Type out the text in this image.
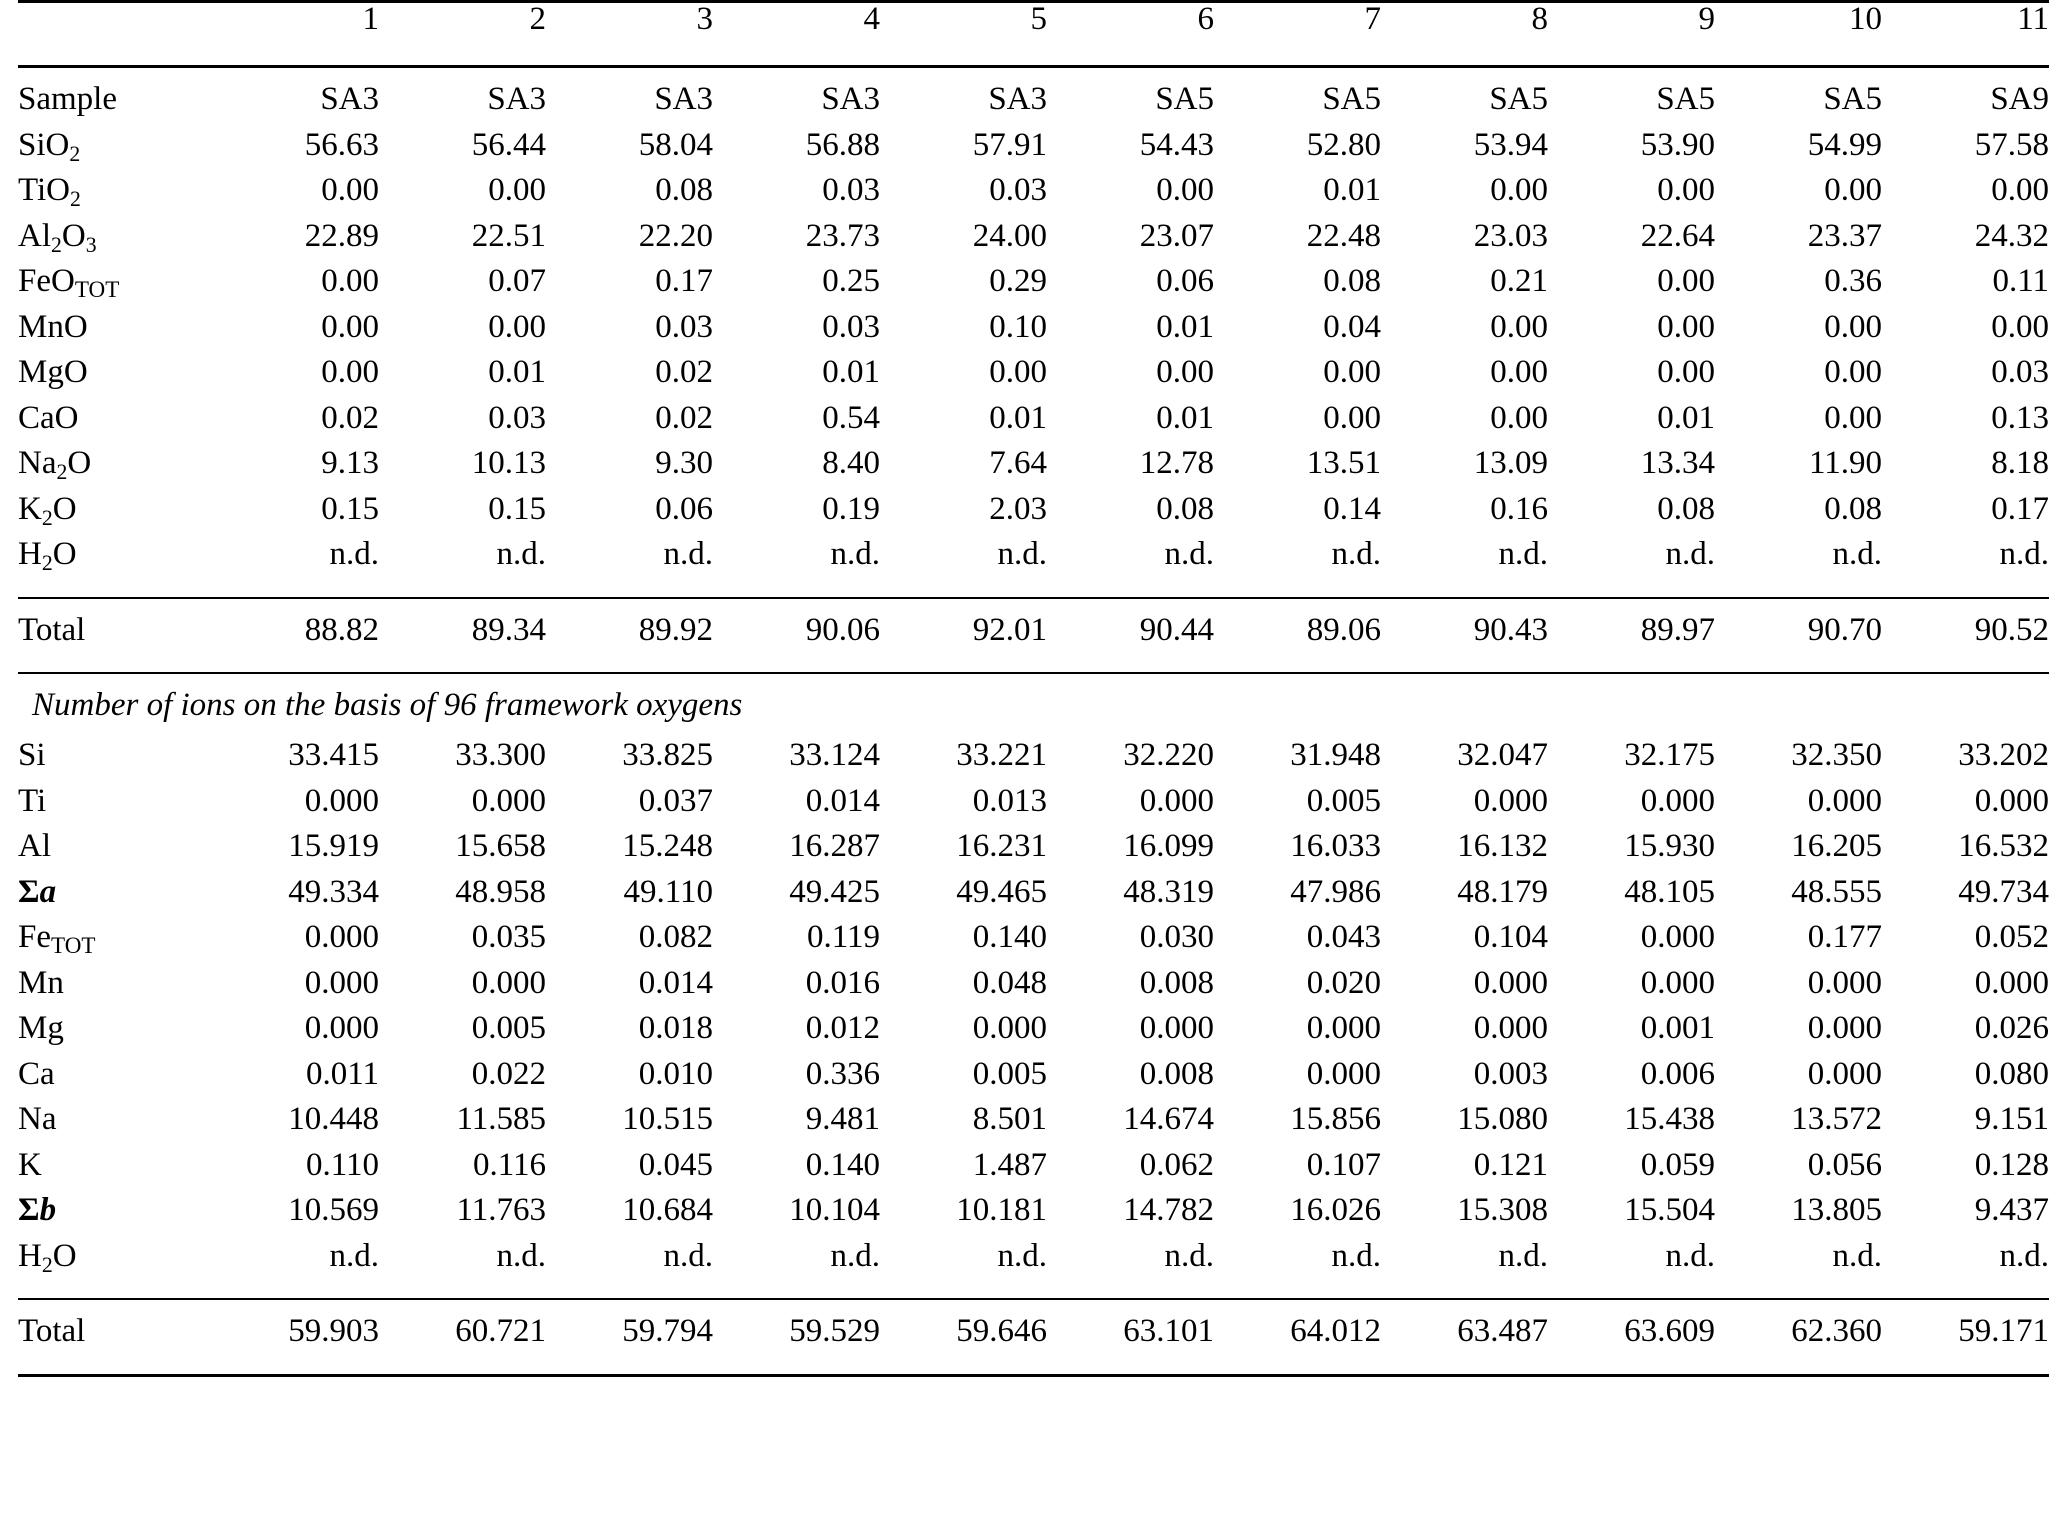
	1	2	3	4	5	6	7	8	9	10	11

Sample	SA3	SA3	SA3	SA3	SA3	SA5	SA5	SA5	SA5	SA5	SA9
SiO$_2$	56.63	56.44	58.04	56.88	57.91	54.43	52.80	53.94	53.90	54.99	57.58
TiO$_2$	0.00	0.00	0.08	0.03	0.03	0.00	0.01	0.00	0.00	0.00	0.00
$Al_2O_3$	22.89	22.51	22.20	23.73	24.00	23.07	22.48	23.03	22.64	23.37	24.32
FeO$_{TOT}$	0.00	0.07	0.17	0.25	0.29	0.06	0.08	0.21	0.00	0.36	0.11
MnO	0.00	0.00	0.03	0.03	0.10	0.01	0.04	0.00	0.00	0.00	0.00
MgO	0.00	0.01	0.02	0.01	0.00	0.00	0.00	0.00	0.00	0.00	0.03
CaO	0.02	0.03	0.02	0.54	0.01	0.01	0.00	0.00	0.01	0.00	0.13
$Na_2O$	9.13	10.13	9.30	8.40	7.64	12.78	13.51	13.09	13.34	11.90	8.18
$K_2O$	0.15	0.15	0.06	0.19	2.03	0.08	0.14	0.16	0.08	0.08	0.17
$H_2O$	n.d.	n.d.	n.d.	n.d.	n.d.	n.d.	n.d.	n.d.	n.d.	n.d.	n.d.

Total	88.82	89.34	89.92	90.06	92.01	90.44	89.06	90.43	89.97	90.70	90.52

Number of ions on the basis of 96 framework oxygens											
Si	33.415	33.300	33.825	33.124	33.221	32.220	31.948	32.047	32.175	32.350	33.202
Ti	0.000	0.000	0.037	0.014	0.013	0.000	0.005	0.000	0.000	0.000	0.000
Al	15.919	15.658	15.248	16.287	16.231	16.099	16.033	16.132	15.930	16.205	16.532
Σa	49.334	48.958	49.110	49.425	49.465	48.319	47.986	48.179	48.105	48.555	49.734
$Fe_{TOT}$	0.000	0.035	0.082	0.119	0.140	0.030	0.043	0.104	0.000	0.177	0.052
Mn	0.000	0.000	0.014	0.016	0.048	0.008	0.020	0.000	0.000	0.000	0.000
Mg	0.000	0.005	0.018	0.012	0.000	0.000	0.000	0.000	0.001	0.000	0.026
Ca	0.011	0.022	0.010	0.336	0.005	0.008	0.000	0.003	0.006	0.000	0.080
Na	10.448	11.585	10.515	9.481	8.501	14.674	15.856	15.080	15.438	13.572	9.151
K	0.110	0.116	0.045	0.140	1.487	0.062	0.107	0.121	0.059	0.056	0.128
Σb	10.569	11.763	10.684	10.104	10.181	14.782	16.026	15.308	15.504	13.805	9.437
$H_2O$	n.d.	n.d.	n.d.	n.d.	n.d.	n.d.	n.d.	n.d.	n.d.	n.d.	n.d.

Total	59.903	60.721	59.794	59.529	59.646	63.101	64.012	63.487	63.609	62.360	59.171
